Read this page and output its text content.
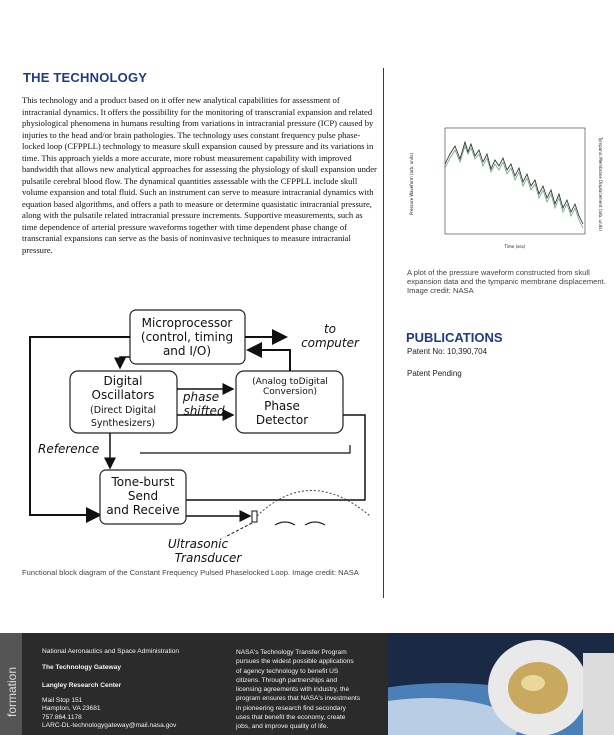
THE TECHNOLOGY
This technology and a product based on it offer new analytical capabilities for assessment of intracranial dynamics. It offers the possibility for the monitoring of transcranial expansion and related physiological phenomena in humans resulting from variations in intracranial pressure (ICP) caused by injuries to the head and/or brain pathologies. The technology uses constant frequency pulse phase-locked loop (CFPPLL) technology to measure skull expansion caused by pressure and its variations in time. This approach yields a more accurate, more robust measurement capability with improved bandwidth that allows new analytical approaches for assessing the physiology of skull expansion under pulsatile cerebral blood flow. The dynamical quantities assessable with the CFPPLL include skull volume expansion and total fluid. Such an instrument can serve to measure intracranial dynamics with equation based algorithms, and offers a path to measure or determine quasistatic intracranial pressure, along with the pulsatile related intracranial pressure increments. Supportive measurements, such as time dependence of arterial pressure waveforms together with time dependent phase change of transcranial expansions can serve as the basis of noninvasive techniques to measure intracranial pressure.
Pressure Waveform (arb. units)	Tympanic Membrane Displacement (arb. units)
Time (sec)
A plot of the pressure waveform constructed from skull expansion data and the tympanic membrane displacement. Image credit: NASA
PUBLICATIONS
Patent No: 10,390,704
Patent Pending
Microprocessor
(control, timing
and I/O)
to
computer
Digital
Oscillators
(Direct Digital
Synthesizers)
(Analog toDigital
Conversion)
Phase
Detector
phase
shifted
Reference
Tone-burst
Send
and Receive
Ultrasonic
Transducer
Functional block diagram of the Constant Frequency Pulsed Phaselocked Loop. Image credit: NASA
formation
National Aeronautics and Space Administration
The Technology Gateway
Langley Research Center
Mail Stop 151
Hampton, VA 23681
757.864.1178
LARC-DL-technologygateway@mail.nasa.gov
NASA's Technology Transfer Program
pursues the widest possible applications
of agency technology to benefit US
citizens. Through partnerships and
licensing agreements with industry, the
program ensures that NASA's investments
in pioneering research find secondary
uses that benefit the economy, create
jobs, and improve quality of life.
